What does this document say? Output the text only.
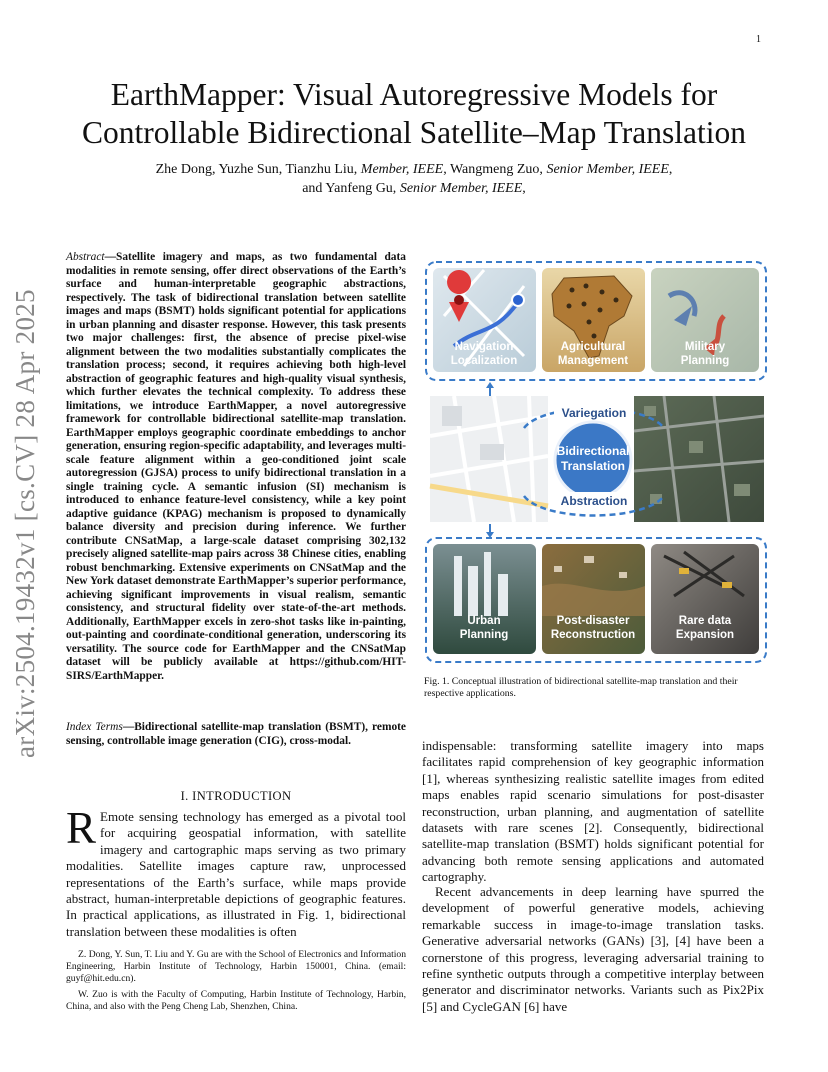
1
arXiv:2504.19432v1 [cs.CV] 28 Apr 2025
EarthMapper: Visual Autoregressive Models for
Controllable Bidirectional Satellite–Map Translation
Zhe Dong, Yuzhe Sun, Tianzhu Liu, Member, IEEE, Wangmeng Zuo, Senior Member, IEEE,
and Yanfeng Gu, Senior Member, IEEE,
Abstract—Satellite imagery and maps, as two fundamental data modalities in remote sensing, offer direct observations of the Earth’s surface and human-interpretable geographic abstractions, respectively. The task of bidirectional translation between satellite images and maps (BSMT) holds significant potential for applications in urban planning and disaster response. However, this task presents two major challenges: first, the absence of precise pixel-wise alignment between the two modalities substantially complicates the translation process; second, it requires achieving both high-level abstraction of geographic features and high-quality visual synthesis, which further elevates the technical complexity. To address these limitations, we introduce EarthMapper, a novel autoregressive framework for controllable bidirectional satellite-map translation. EarthMapper employs geographic coordinate embeddings to anchor generation, ensuring region-specific adaptability, and leverages multi-scale feature alignment within a geo-conditioned joint scale autoregression (GJSA) process to unify bidirectional translation in a single training cycle. A semantic infusion (SI) mechanism is introduced to enhance feature-level consistency, while a key point adaptive guidance (KPAG) mechanism is proposed to dynamically balance diversity and precision during inference. We further contribute CNSatMap, a large-scale dataset comprising 302,132 precisely aligned satellite-map pairs across 38 Chinese cities, enabling robust benchmarking. Extensive experiments on CNSatMap and the New York dataset demonstrate EarthMapper’s superior performance, achieving significant improvements in visual realism, semantic consistency, and structural fidelity over state-of-the-art methods. Additionally, EarthMapper excels in zero-shot tasks like in-painting, out-painting and coordinate-conditional generation, underscoring its versatility. The source code for EarthMapper and the CNSatMap dataset will be publicly available at https://github.com/HIT-SIRS/EarthMapper.
Index Terms—Bidirectional satellite-map translation (BSMT), remote sensing, controllable image generation (CIG), cross-modal.
I. INTRODUCTION
R Emote sensing technology has emerged as a pivotal tool for acquiring geospatial information, with satellite imagery and cartographic maps serving as two primary modalities. Satellite images capture raw, unprocessed representations of the Earth’s surface, while maps provide abstract, human-interpretable depictions of geographic features. In practical applications, as illustrated in Fig. 1, bidirectional translation between these modalities is often

Z. Dong, Y. Sun, T. Liu and Y. Gu are with the School of Electronics and Information Engineering, Harbin Institute of Technology, Harbin 150001, China. (email: guyf@hit.edu.cn).

W. Zuo is with the Faculty of Computing, Harbin Institute of Technology, Harbin, China, and also with the Peng Cheng Lab, Shenzhen, China.

Navigation
Localization
Agricultural
Management
Military
Planning
Variegation
Bidirectional
Translation
Abstraction
Urban
Planning
Post-disaster
Reconstruction
Rare data
Expansion
Fig. 1. Conceptual illustration of bidirectional satellite-map translation and their respective applications.
indispensable: transforming satellite imagery into maps facilitates rapid comprehension of key geographic information [1], whereas synthesizing realistic satellite images from edited maps enables rapid scenario simulations for post-disaster reconstruction, urban planning, and augmentation of satellite datasets with rare scenes [2]. Consequently, bidirectional satellite-map translation (BSMT) holds significant potential for advancing both remote sensing applications and automated cartography.
Recent advancements in deep learning have spurred the development of powerful generative models, achieving remarkable success in image-to-image translation tasks. Generative adversarial networks (GANs) [3], [4] have been a cornerstone of this progress, leveraging adversarial training to refine synthetic outputs through a competitive interplay between generator and discriminator networks. Variants such as Pix2Pix [5] and CycleGAN [6] have
